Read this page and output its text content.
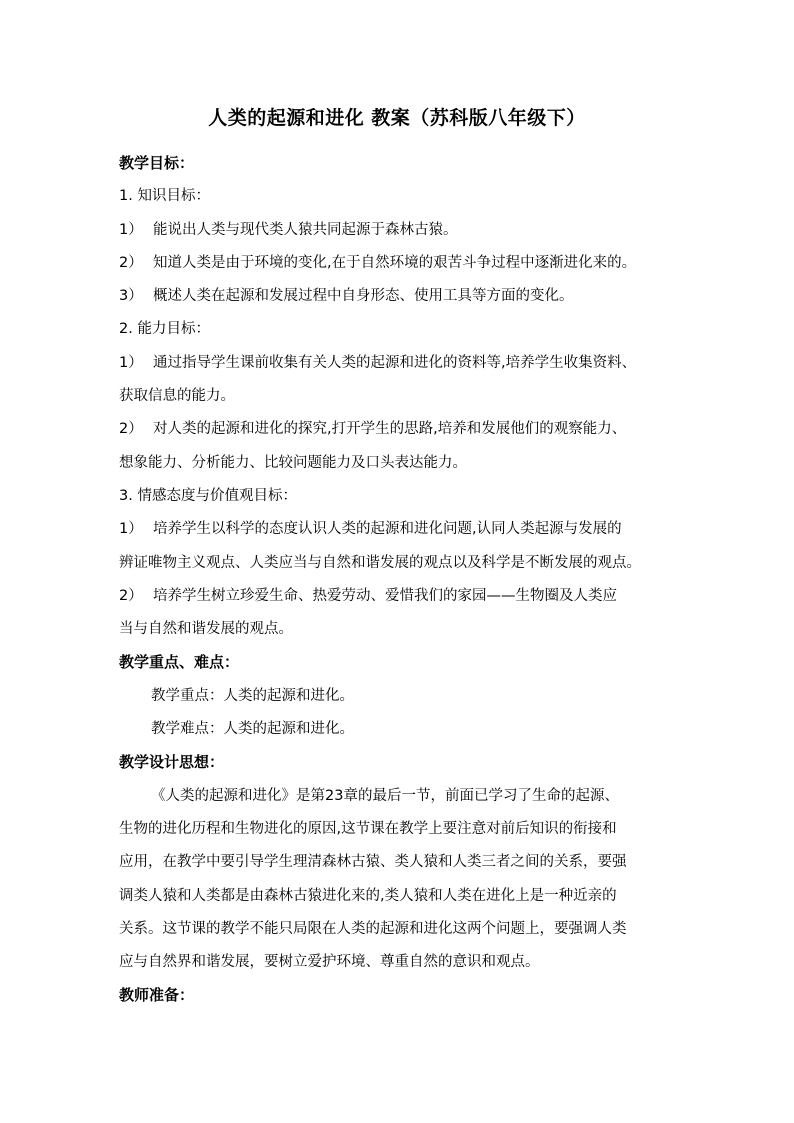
人类的起源和进化 教案（苏科版八年级下）
教学目标：
1. 知识目标：
1） 能说出人类与现代类人猿共同起源于森林古猿。
2） 知道人类是由于环境的变化,在于自然环境的艰苦斗争过程中逐渐进化来的。
3） 概述人类在起源和发展过程中自身形态、使用工具等方面的变化。
2. 能力目标：
1） 通过指导学生课前收集有关人类的起源和进化的资料等,培养学生收集资料、
获取信息的能力。
2） 对人类的起源和进化的探究,打开学生的思路,培养和发展他们的观察能力、
想象能力、分析能力、比较问题能力及口头表达能力。
3. 情感态度与价值观目标：
1） 培养学生以科学的态度认识人类的起源和进化问题,认同人类起源与发展的
辨证唯物主义观点、人类应当与自然和谐发展的观点以及科学是不断发展的观点。
2） 培养学生树立珍爱生命、热爱劳动、爱惜我们的家园——生物圈及人类应
当与自然和谐发展的观点。
教学重点、难点：
教学重点：人类的起源和进化。
教学难点：人类的起源和进化。
教学设计思想：
《人类的起源和进化》是第23章的最后一节，前面已学习了生命的起源、
生物的进化历程和生物进化的原因,这节课在教学上要注意对前后知识的衔接和
应用，在教学中要引导学生理清森林古猿、类人猿和人类三者之间的关系，要强
调类人猿和人类都是由森林古猿进化来的,类人猿和人类在进化上是一种近亲的
关系。这节课的教学不能只局限在人类的起源和进化这两个问题上，要强调人类
应与自然界和谐发展，要树立爱护环境、尊重自然的意识和观点。
教师准备：
